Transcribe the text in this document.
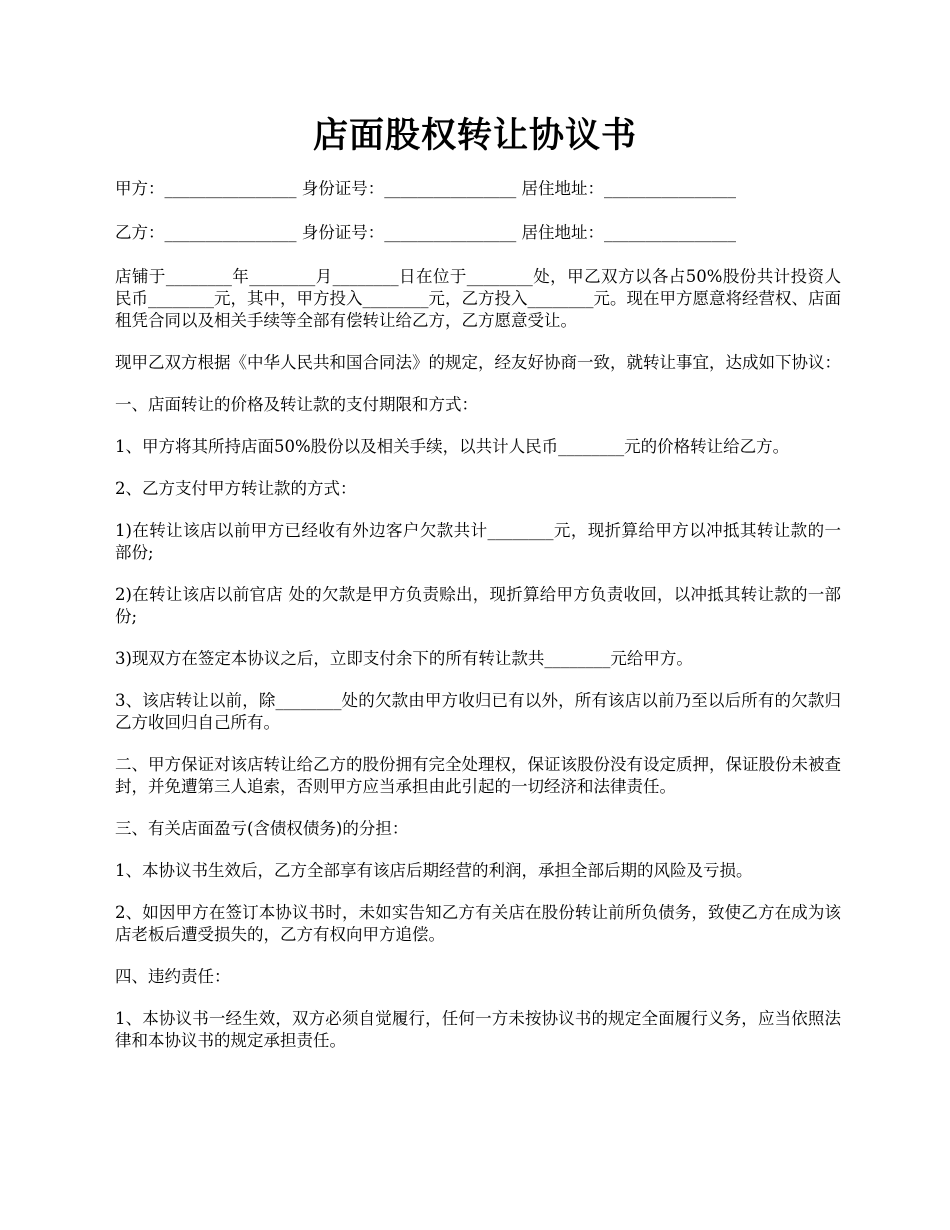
店面股权转让协议书

甲方：________________ 身份证号：________________ 居住地址：________________

乙方：________________ 身份证号：________________ 居住地址：________________

店铺于________年________月________日在位于________处，甲乙双方以各占50%股份共计投资人民币________元，其中，甲方投入________元，乙方投入________元。现在甲方愿意将经营权、店面租凭合同以及相关手续等全部有偿转让给乙方，乙方愿意受让。

现甲乙双方根据《中华人民共和国合同法》的规定，经友好协商一致，就转让事宜，达成如下协议：

一、店面转让的价格及转让款的支付期限和方式：

1、甲方将其所持店面50%股份以及相关手续，以共计人民币________元的价格转让给乙方。

2、乙方支付甲方转让款的方式：

1)在转让该店以前甲方已经收有外边客户欠款共计________元，现折算给甲方以冲抵其转让款的一部份;

2)在转让该店以前官店 处的欠款是甲方负责赊出，现折算给甲方负责收回，以冲抵其转让款的一部份;

3)现双方在签定本协议之后，立即支付余下的所有转让款共________元给甲方。

3、该店转让以前，除________处的欠款由甲方收归已有以外，所有该店以前乃至以后所有的欠款归乙方收回归自己所有。

二、甲方保证对该店转让给乙方的股份拥有完全处理权，保证该股份没有设定质押，保证股份未被查封，并免遭第三人追索，否则甲方应当承担由此引起的一切经济和法律责任。

三、有关店面盈亏(含债权债务)的分担：

1、本协议书生效后，乙方全部享有该店后期经营的利润，承担全部后期的风险及亏损。

2、如因甲方在签订本协议书时，未如实告知乙方有关店在股份转让前所负债务，致使乙方在成为该店老板后遭受损失的，乙方有权向甲方追偿。

四、违约责任：

1、本协议书一经生效，双方必须自觉履行，任何一方未按协议书的规定全面履行义务，应当依照法律和本协议书的规定承担责任。
